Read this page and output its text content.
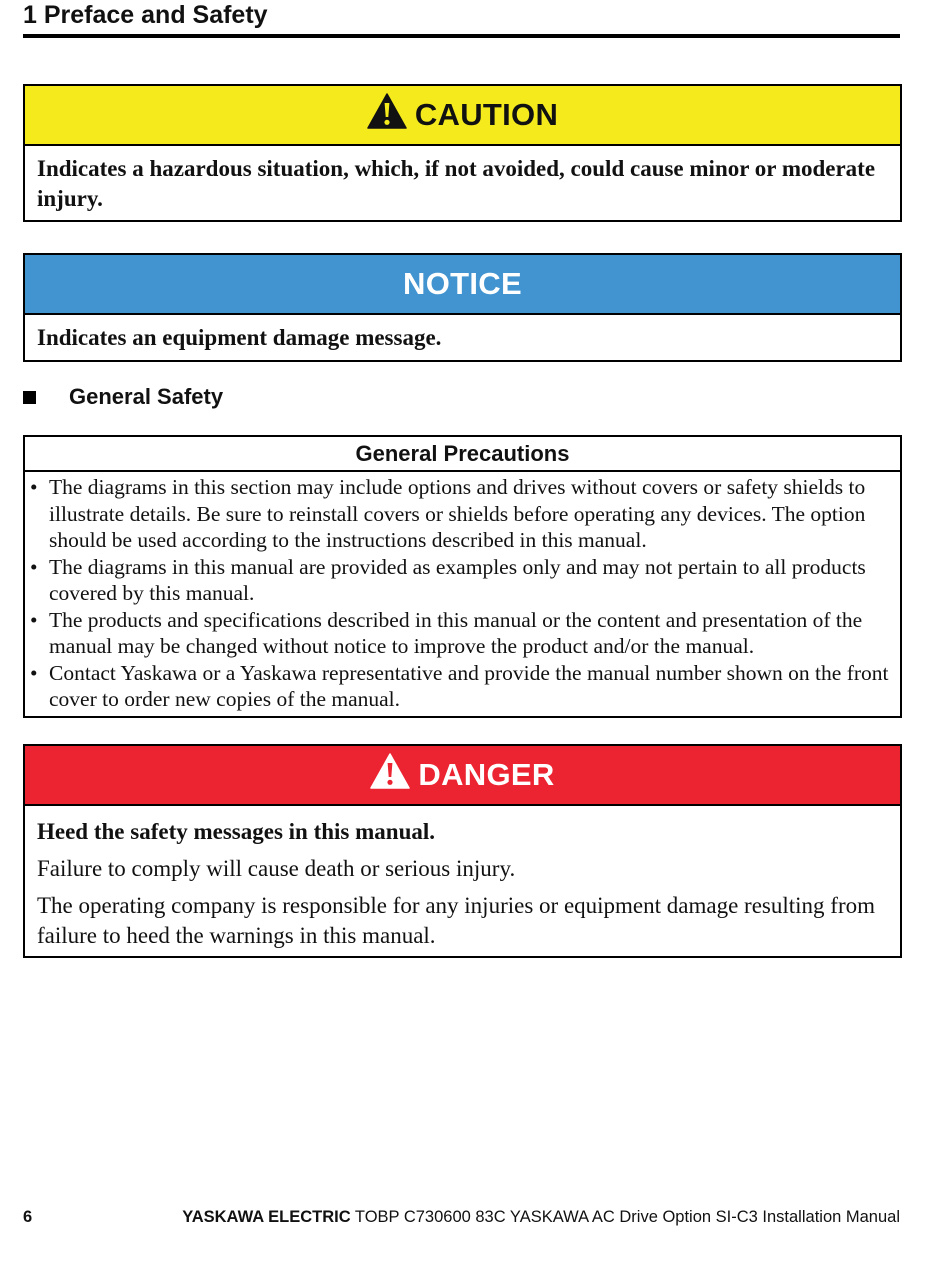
1 Preface and Safety
CAUTION
Indicates a hazardous situation, which, if not avoided, could cause minor or moderate injury.
NOTICE
Indicates an equipment damage message.
General Safety
General Precautions
• The diagrams in this section may include options and drives without covers or safety shields to illustrate details. Be sure to reinstall covers or shields before operating any devices. The option should be used according to the instructions described in this manual.
• The diagrams in this manual are provided as examples only and may not pertain to all products covered by this manual.
• The products and specifications described in this manual or the content and presentation of the manual may be changed without notice to improve the product and/or the manual.
• Contact Yaskawa or a Yaskawa representative and provide the manual number shown on the front cover to order new copies of the manual.
DANGER

Heed the safety messages in this manual.

Failure to comply will cause death or serious injury.

The operating company is responsible for any injuries or equipment damage resulting from failure to heed the warnings in this manual.

6	YASKAWA ELECTRIC TOBP C730600 83C YASKAWA AC Drive Option SI-C3 Installation Manual
